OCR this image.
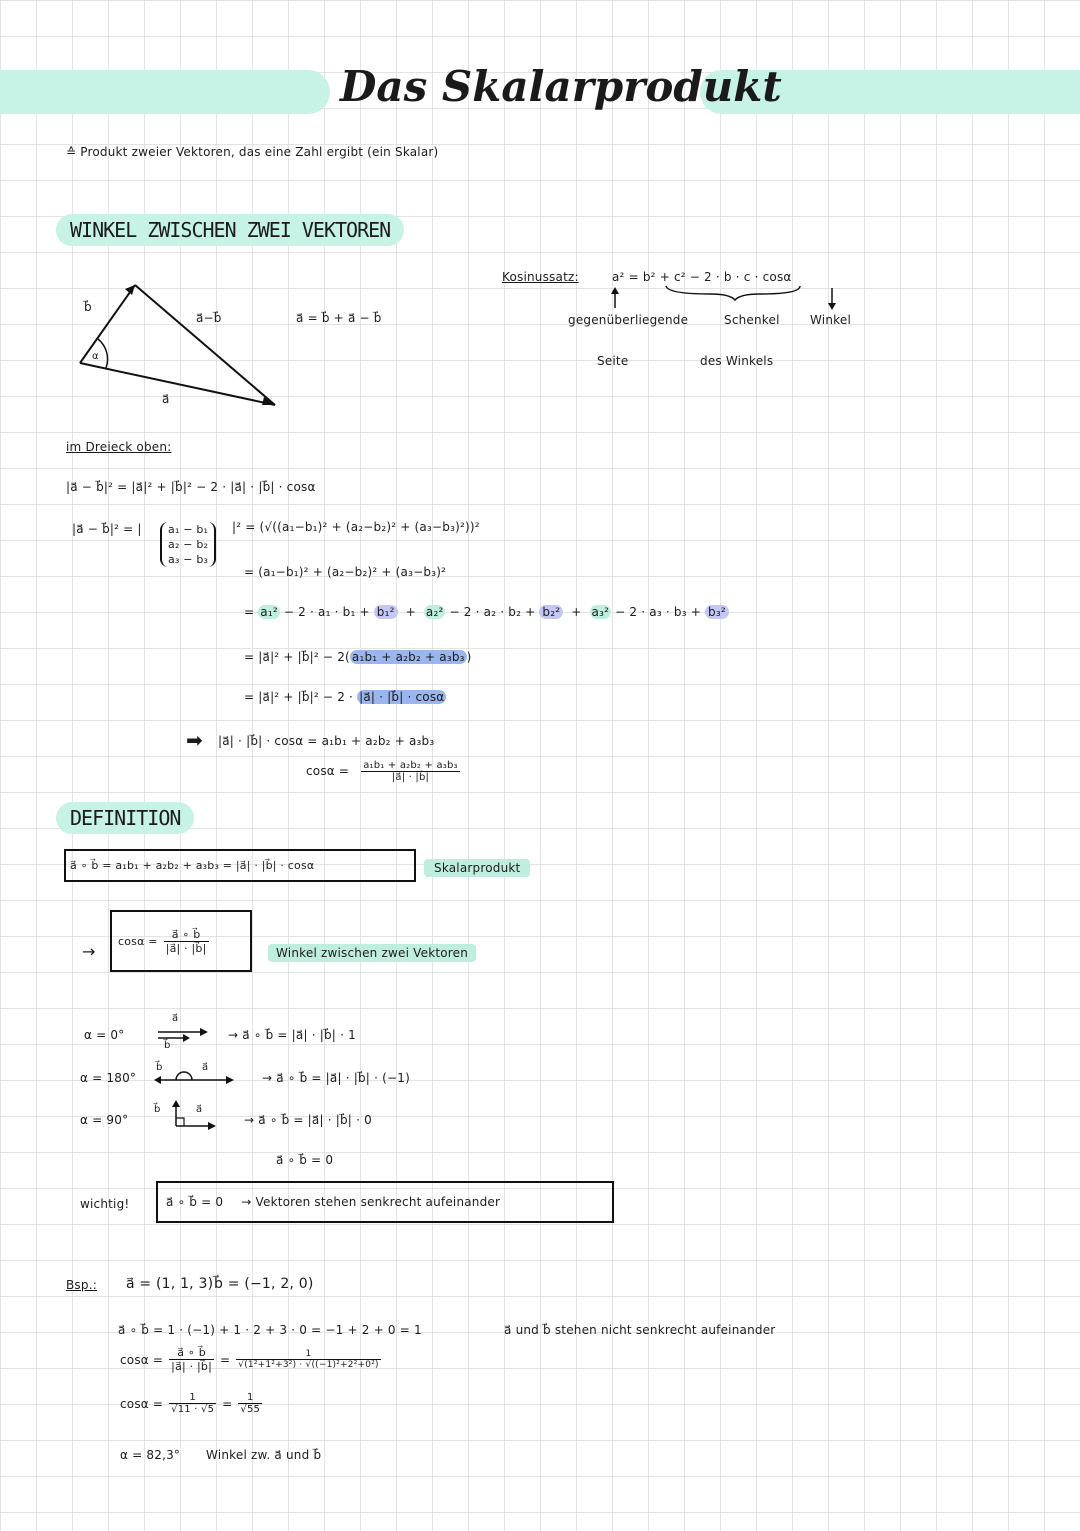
Das Skalarprodukt
≙ Produkt zweier Vektoren, das eine Zahl ergibt (ein Skalar)
WINKEL ZWISCHEN ZWEI VEKTOREN
b⃗
a⃗−b⃗
α
a⃗
a⃗ = b⃗ + a⃗ − b⃗
Kosinussatz:	a² = b² + c² − 2 · b · c · cosα
gegenüberliegende	Schenkel	Winkel
Seite	des Winkels
im Dreieck oben:
|a⃗ − b⃗|² = |a⃗|² + |b⃗|² − 2 · |a⃗| · |b⃗| · cosα
|a⃗ − b⃗|² = | a₁ − b₁
a₂ − b₂
a₃ − b₃
|² = (√((a₁−b₁)² + (a₂−b₂)² + (a₃−b₃)²))²
= (a₁−b₁)² + (a₂−b₂)² + (a₃−b₃)²
= a₁² − 2 · a₁ · b₁ + b₁²  +  a₂² − 2 · a₂ · b₂ + b₂²  +  a₃² − 2 · a₃ · b₃ + b₃²
= |a⃗|² + |b⃗|² − 2( a₁b₁ + a₂b₂ + a₃b₃ )
= |a⃗|² + |b⃗|² − 2 · |a⃗| · |b⃗| · cosα
➡ |a⃗| · |b⃗| · cosα = a₁b₁ + a₂b₂ + a₃b₃
$\cos\alpha = \frac{\text{a₁b₁ + a₂b₂ + a₃b₃}}{|a⃗| \cdot |b⃗|}$
DEFINITION
a⃗ ∘ b⃗ = a₁b₁ + a₂b₂ + a₃b₃ = |a⃗| · |b⃗| · cosα	Skalarprodukt
→
$\cos\alpha = \frac{a⃗ \circ b⃗}{|a⃗| \cdot |b⃗|}$	Winkel zwischen zwei Vektoren
α = 0°
a⃗
b⃗
→ a⃗ ∘ b⃗ = |a⃗| · |b⃗| · 1
α = 180°
b⃗	a⃗
→ a⃗ ∘ b⃗ = |a⃗| · |b⃗| · (−1)
α = 90°
b⃗	a⃗
→ a⃗ ∘ b⃗ = |a⃗| · |b⃗| · 0
a⃗ ∘ b⃗ = 0
wichtig!	a⃗ ∘ b⃗ = 0 → Vektoren stehen senkrecht aufeinander
Bsp.: a⃗ = (1, 1, 3) b⃗ = (−1, 2, 0)
a⃗ ∘ b⃗ = 1 · (−1) + 1 · 2 + 3 · 0 = −1 + 2 + 0 = 1	a⃗ und b⃗ stehen nicht senkrecht aufeinander
$\cos\alpha = \frac{a⃗ \circ b⃗}{|a⃗| \cdot |b⃗|} = \frac{1}{\text{√(1²+1²+3²) · √((−1)²+2²+0²)}}$
$\cos\alpha = \frac{1}{√11 \cdot √5} = \frac{1}{√55}$
α = 82,3° Winkel zw. a⃗ und b⃗
